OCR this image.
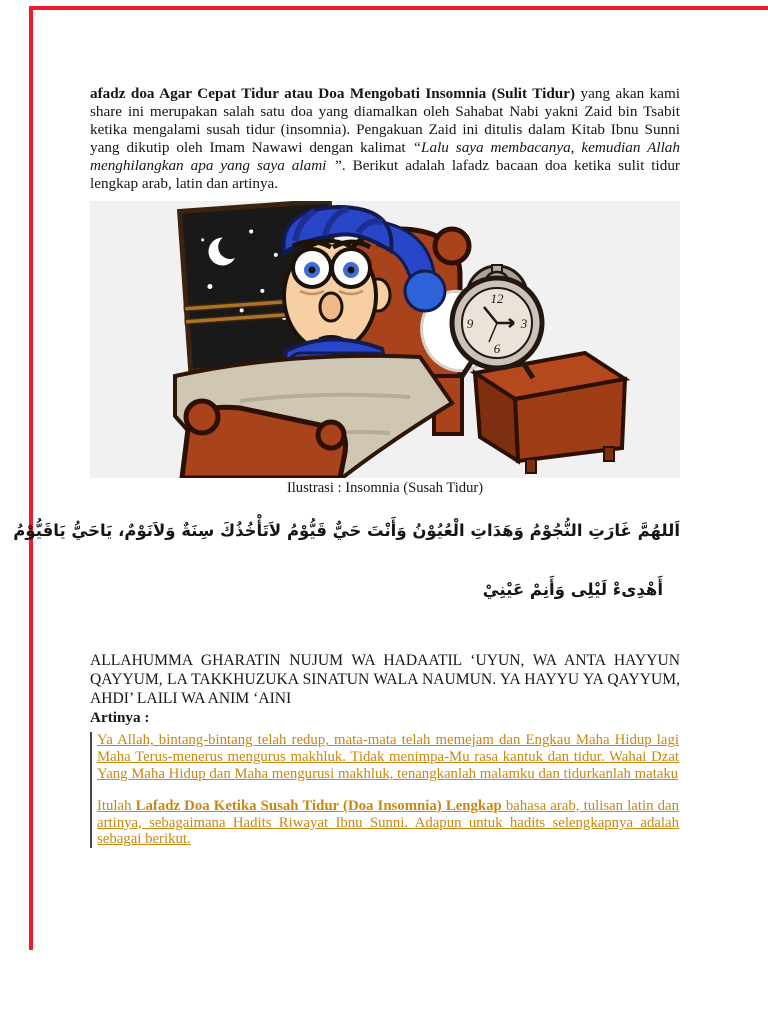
afadz doa Agar Cepat Tidur atau Doa Mengobati Insomnia (Sulit Tidur) yang akan kami share ini merupakan salah satu doa yang diamalkan oleh Sahabat Nabi yakni Zaid bin Tsabit ketika mengalami susah tidur (insomnia). Pengakuan Zaid ini ditulis dalam Kitab Ibnu Sunni yang dikutip oleh Imam Nawawi dengan kalimat “Lalu saya membacanya, kemudian Allah menghilangkan apa yang saya alami ”. Berikut adalah lafadz bacaan doa ketika sulit tidur lengkap arab, latin dan artinya.

12
3
6
9
Ilustrasi : Insomnia (Susah Tidur)
اَللهُمَّ غَارَتِ النُّجُوْمُ وَهَدَاتِ الْعُيُوْنُ وَأَنْتَ حَيٌّ قَيُّوْمُ لاَتَأْخُذُكَ سِنَةٌ وَلاَنَوْمٌ، يَاحَيُّ يَاقَيُّوْمُ
أَهْدِىءْ لَيْلِى وَأَنِمْ عَيْنِيْ

ALLAHUMMA GHARATIN NUJUM WA HADAATIL ‘UYUN, WA ANTA HAYYUN QAYYUM, LA TAKKHUZUKA SINATUN WALA NAUMUN. YA HAYYU YA QAYYUM, AHDI’ LAILI WA ANIM ‘AINI

Artinya :

Ya Allah, bintang-bintang telah redup, mata-mata telah memejam dan Engkau Maha Hidup lagi Maha Terus-menerus mengurus makhluk. Tidak menimpa-Mu rasa kantuk dan tidur. Wahai Dzat Yang Maha Hidup dan Maha mengurusi makhluk, tenangkanlah malamku dan tidurkanlah mataku

Itulah Lafadz Doa Ketika Susah Tidur (Doa Insomnia) Lengkap bahasa arab, tulisan latin dan artinya, sebagaimana Hadits Riwayat Ibnu Sunni. Adapun untuk hadits selengkapnya adalah sebagai berikut.
